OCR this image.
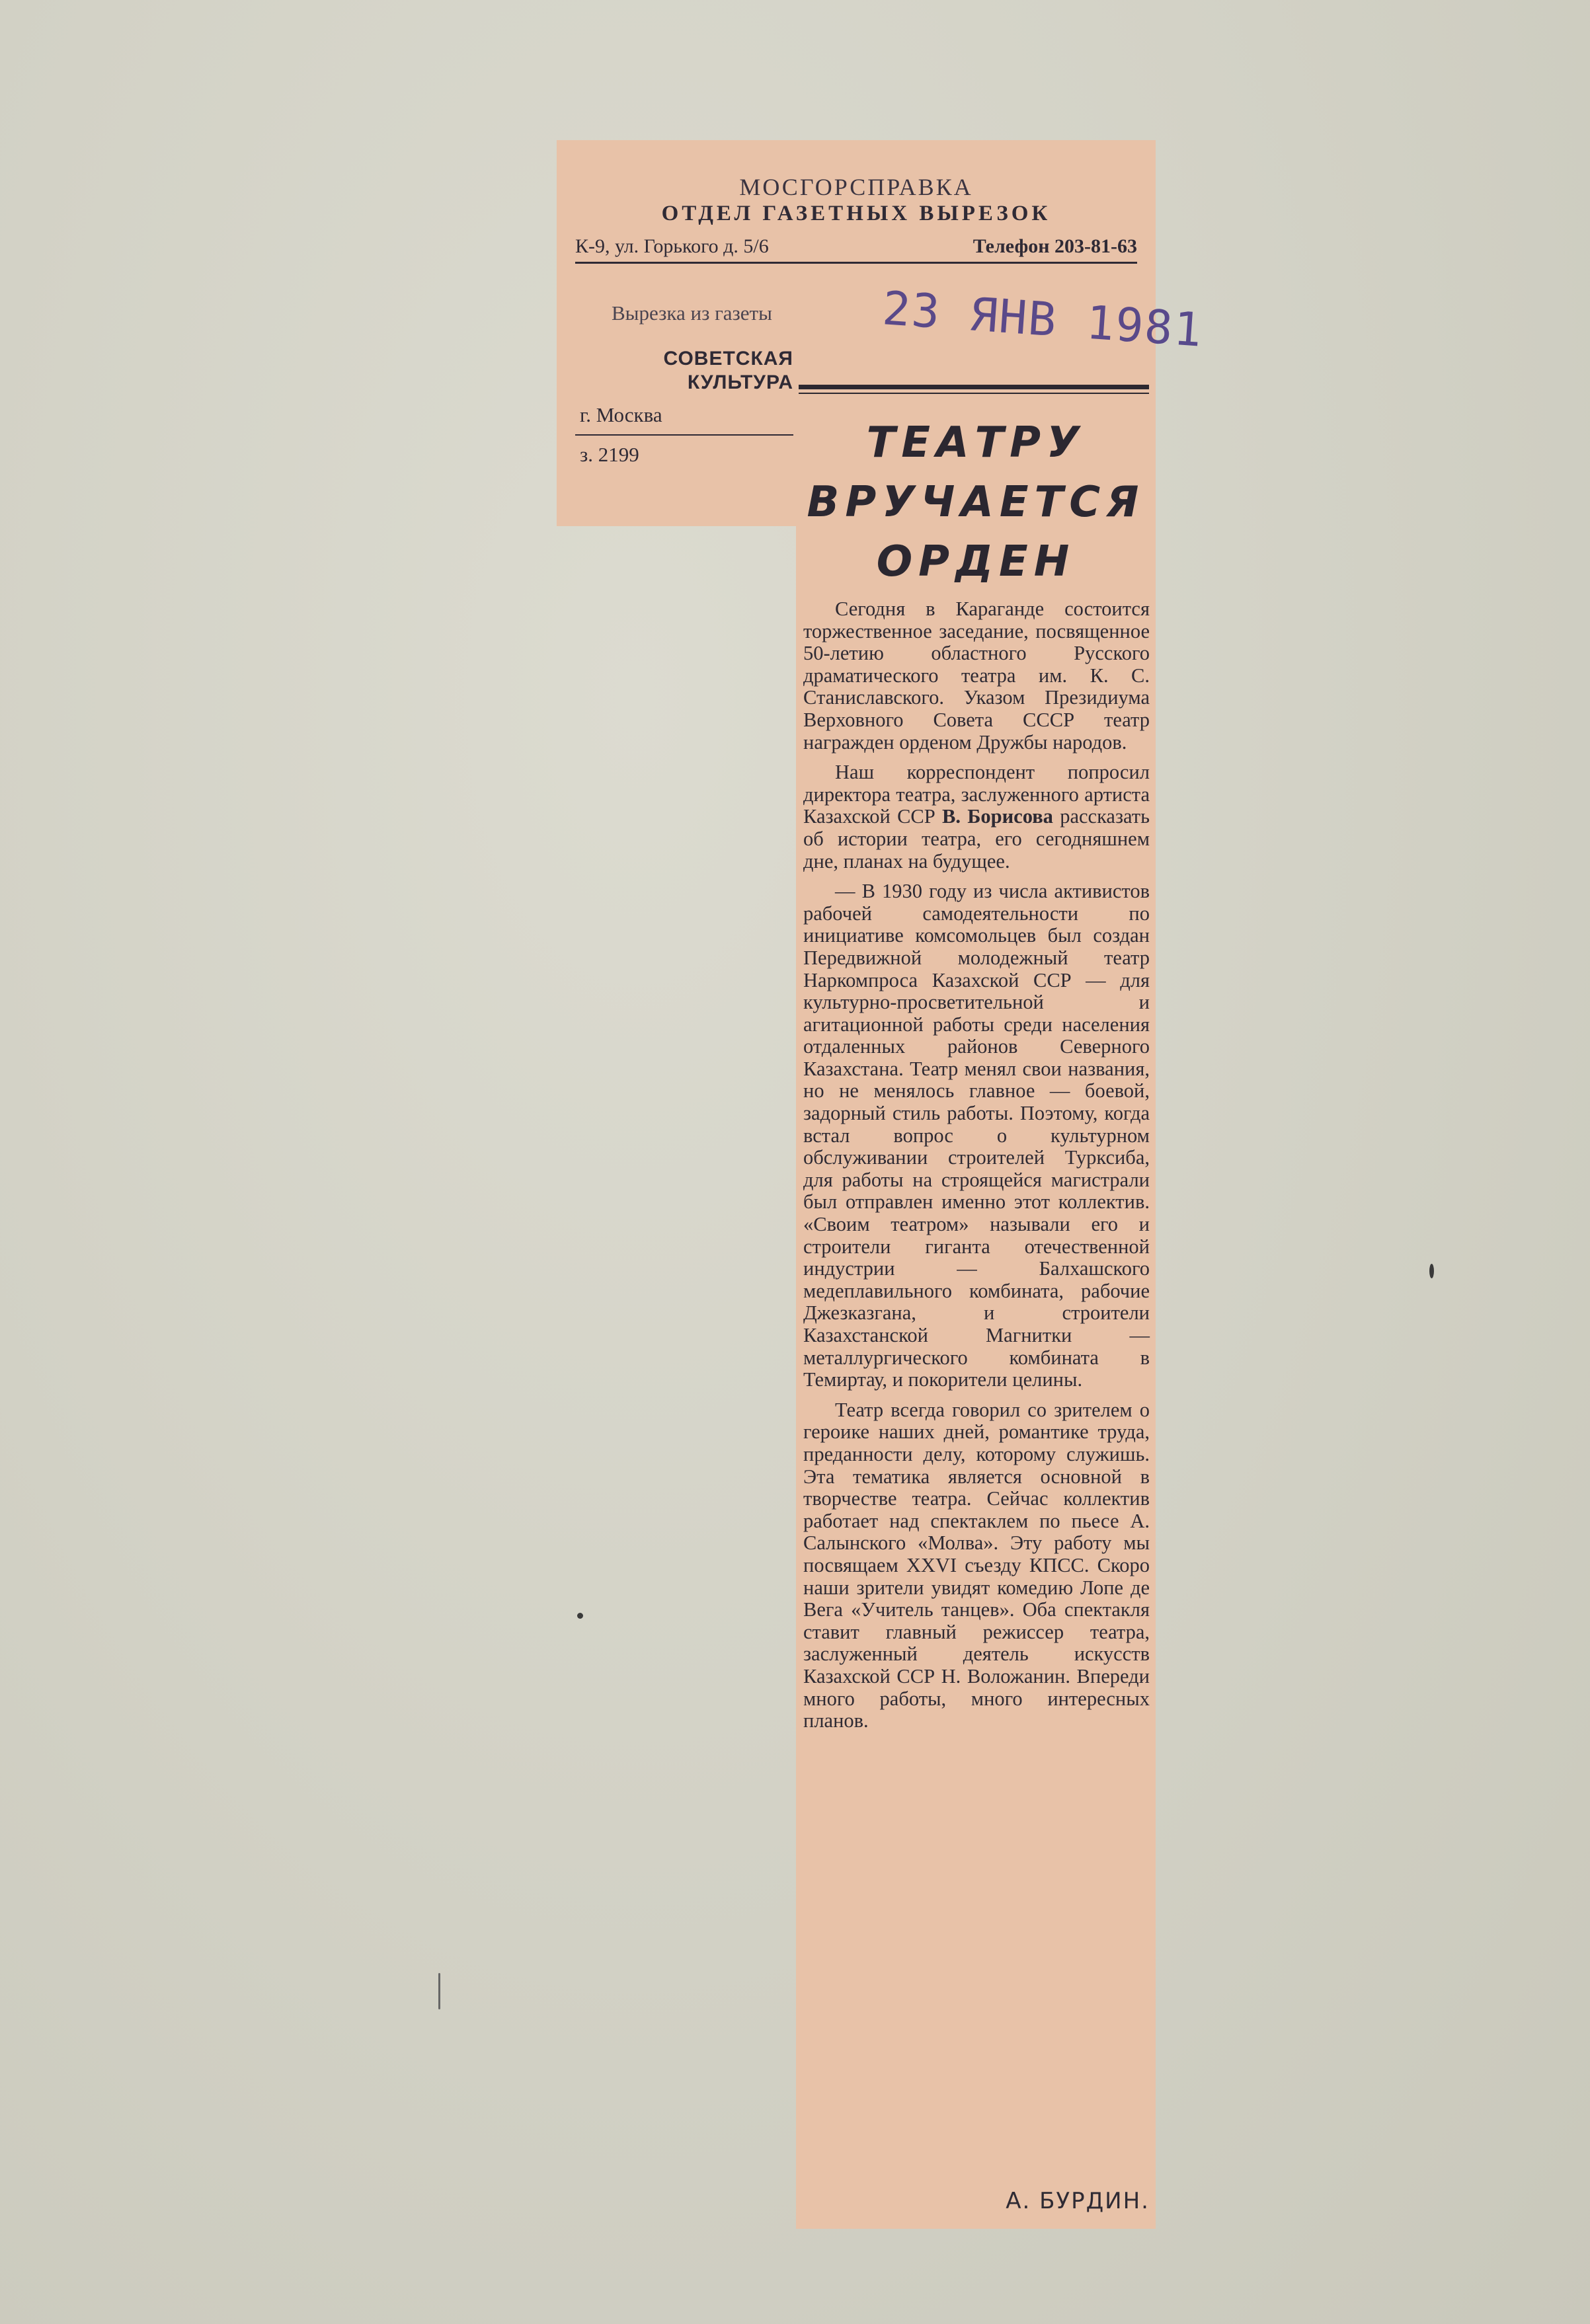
МОСГОРСПРАВКА
ОТДЕЛ ГАЗЕТНЫХ ВЫРЕЗОК
К-9, ул. Горького д. 5/6	Телефон 203-81-63
Вырезка из газеты
СОВЕТСКАЯ
КУЛЬТУРА
г. Москва
з. 2199
23 ЯНВ 1981
ТЕАТРУ
ВРУЧАЕТСЯ
ОРДЕН

Сегодня в Караганде состоится торжественное заседание, посвященное 50-летию областного Русского драматического театра им. К. С. Станиславского. Указом Президиума Верховного Совета СССР театр награжден орденом Дружбы народов.

Наш корреспондент попросил директора театра, заслуженного артиста Казахской ССР В. Борисова рассказать об истории театра, его сегодняшнем дне, планах на будущее.

— В 1930 году из числа активистов рабочей самодеятельности по инициативе комсомольцев был создан Передвижной молодежный театр Наркомпроса Казахской ССР — для культурно-просветительной и агитационной работы среди населения отдаленных районов Северного Казахстана. Театр менял свои названия, но не менялось главное — боевой, задорный стиль работы. Поэтому, когда встал вопрос о культурном обслуживании строителей Турксиба, для работы на строящейся магистрали был отправлен именно этот коллектив. «Своим театром» называли его и строители гиганта отечественной индустрии — Балхашского медеплавильного комбината, рабочие Джезказгана, и строители Казахстанской Магнитки — металлургического комбината в Темиртау, и покорители целины.

Театр всегда говорил со зрителем о героике наших дней, романтике труда, преданности делу, которому служишь. Эта тематика является основной в творчестве театра. Сейчас коллектив работает над спектаклем по пьесе А. Салынского «Молва». Эту работу мы посвящаем XXVI съезду КПСС. Скоро наши зрители увидят комедию Лопе де Вега «Учитель танцев». Оба спектакля ставит главный режиссер театра, заслуженный деятель искусств Казахской ССР Н. Воложанин. Впереди много работы, много интересных планов.

А. БУРДИН.
